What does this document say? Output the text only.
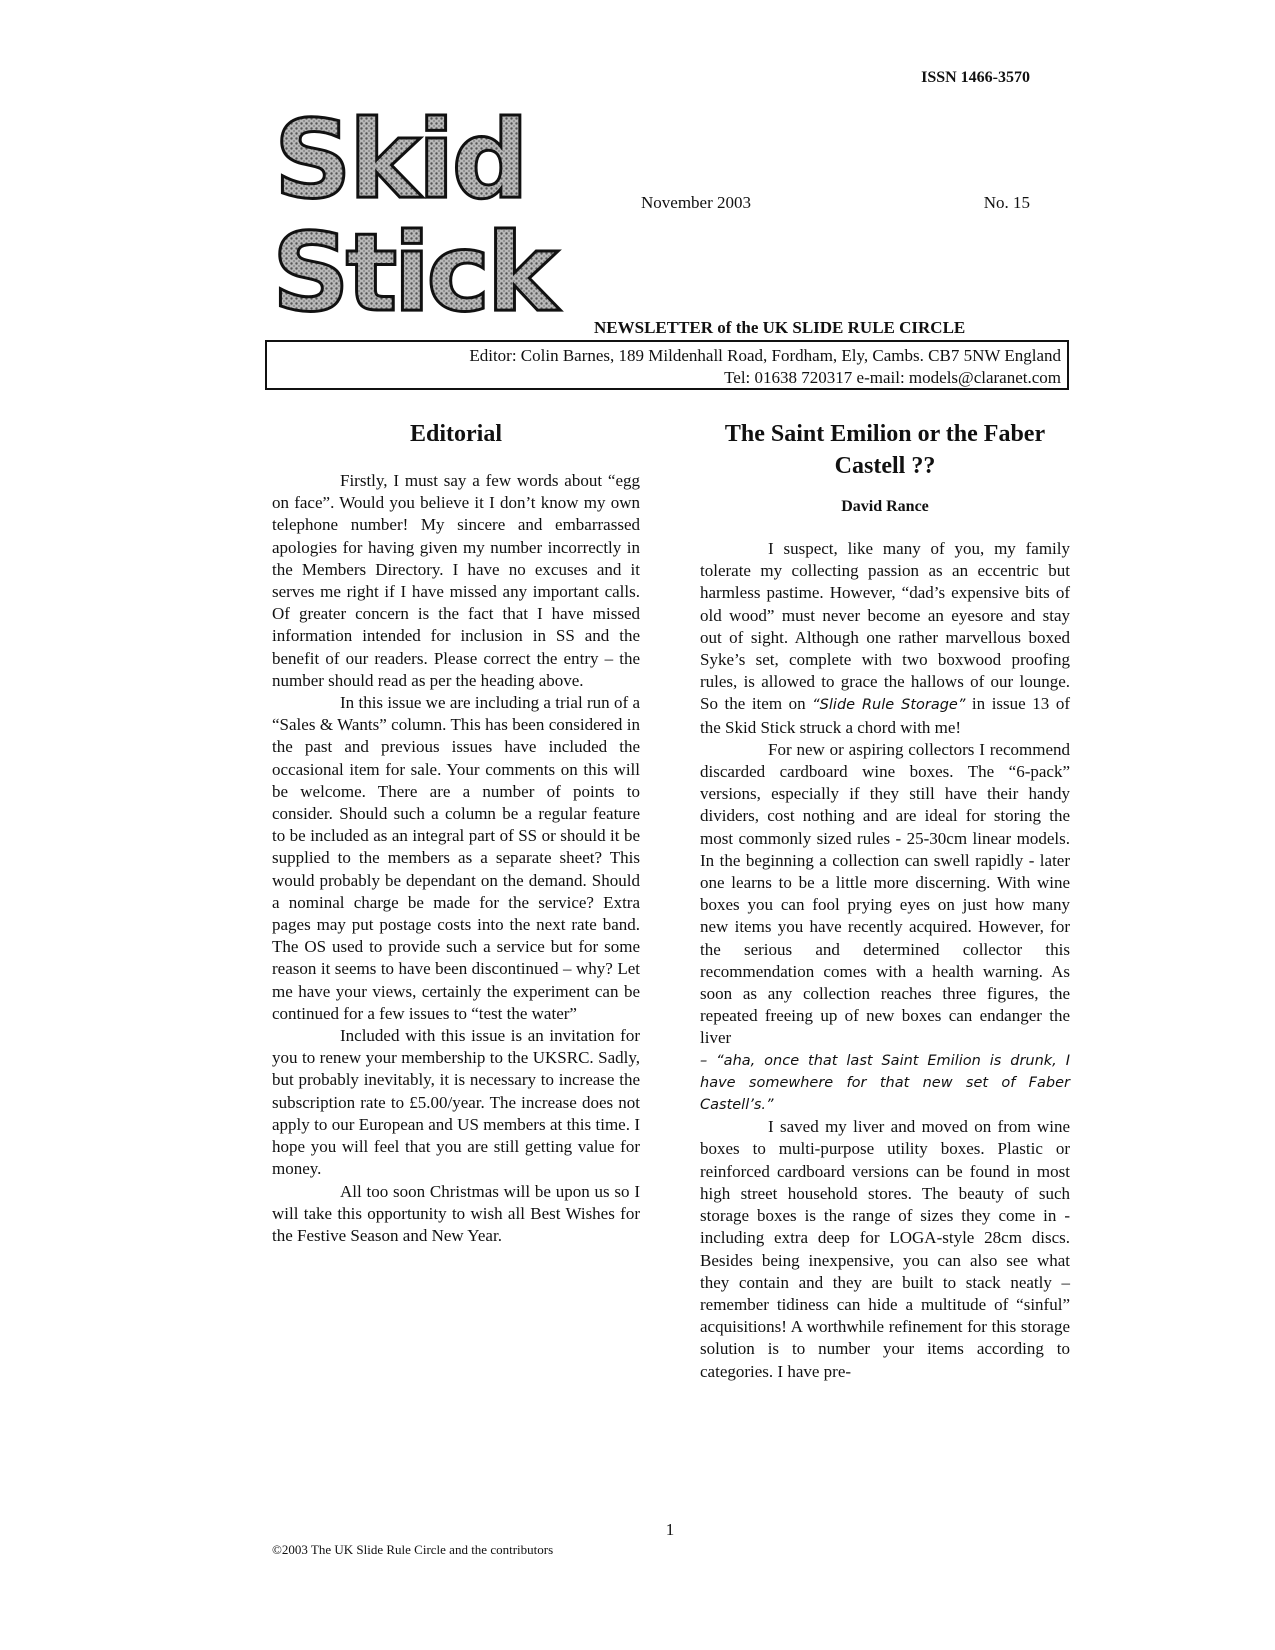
ISSN 1466-3570
Skid
Stick
November 2003	No. 15
NEWSLETTER of the UK SLIDE RULE CIRCLE
Editor: Colin Barnes, 189 Mildenhall Road, Fordham, Ely, Cambs. CB7 5NW England
Tel: 01638 720317 e-mail: models@claranet.com
Editorial

Firstly, I must say a few words about “egg on face”. Would you believe it I don’t know my own telephone number! My sincere and embarrassed apologies for having given my number incorrectly in the Members Directory. I have no excuses and it serves me right if I have missed any important calls. Of greater concern is the fact that I have missed information intended for inclusion in SS and the benefit of our readers. Please correct the entry – the number should read as per the heading above.

In this issue we are including a trial run of a “Sales & Wants” column. This has been considered in the past and previous issues have included the occasional item for sale. Your comments on this will be welcome. There are a number of points to consider. Should such a column be a regular feature to be included as an integral part of SS or should it be supplied to the members as a separate sheet? This would probably be dependant on the demand. Should a nominal charge be made for the service? Extra pages may put postage costs into the next rate band. The OS used to provide such a service but for some reason it seems to have been discontinued – why? Let me have your views, certainly the experiment can be continued for a few issues to “test the water”

Included with this issue is an invitation for you to renew your membership to the UKSRC. Sadly, but probably inevitably, it is necessary to increase the subscription rate to £5.00/year. The increase does not apply to our European and US members at this time. I hope you will feel that you are still getting value for money.

All too soon Christmas will be upon us so I will take this opportunity to wish all Best Wishes for the Festive Season and New Year.

The Saint Emilion or the Faber Castell ??
David Rance

I suspect, like many of you, my family tolerate my collecting passion as an eccentric but harmless pastime. However, “dad’s expensive bits of old wood” must never become an eyesore and stay out of sight. Although one rather marvellous boxed Syke’s set, complete with two boxwood proofing rules, is allowed to grace the hallows of our lounge. So the item on “Slide Rule Storage” in issue 13 of the Skid Stick struck a chord with me!

For new or aspiring collectors I recommend discarded cardboard wine boxes. The “6-pack” versions, especially if they still have their handy dividers, cost nothing and are ideal for storing the most commonly sized rules - 25-30cm linear models. In the beginning a collection can swell rapidly - later one learns to be a little more discerning. With wine boxes you can fool prying eyes on just how many new items you have recently acquired. However, for the serious and determined collector this recommendation comes with a health warning. As soon as any collection reaches three figures, the repeated freeing up of new boxes can endanger the liver

– “aha, once that last Saint Emilion is drunk, I have somewhere for that new set of Faber Castell’s.”

I saved my liver and moved on from wine boxes to multi-purpose utility boxes. Plastic or reinforced cardboard versions can be found in most high street household stores. The beauty of such storage boxes is the range of sizes they come in - including extra deep for LOGA-style 28cm discs. Besides being inexpensive, you can also see what they contain and they are built to stack neatly – remember tidiness can hide a multitude of “sinful” acquisitions! A worthwhile refinement for this storage solution is to number your items according to categories. I have pre-

1
©2003 The UK Slide Rule Circle and the contributors
